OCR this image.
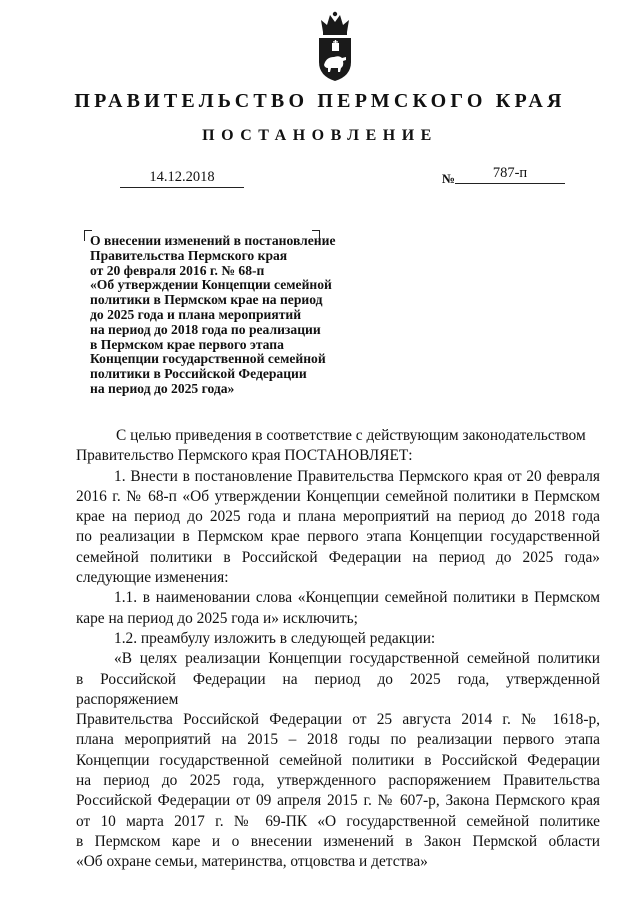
ПРАВИТЕЛЬСТВО ПЕРМСКОГО КРАЯ
ПОСТАНОВЛЕНИЕ
14.12.2018	№	787-п
О внесении изменений в постановление
Правительства Пермского края
от 20 февраля 2016 г. № 68-п
«Об утверждении Концепции семейной
политики в Пермском крае на период
до 2025 года и плана мероприятий
на период до 2018 года по реализации
в Пермском крае первого этапа
Концепции государственной семейной
политики в Российской Федерации
на период до 2025 года»
С целью приведения в соответствие с действующим законодательством
Правительство Пермского края ПОСТАНОВЛЯЕТ:
1. Внести в постановление Правительства Пермского края от 20 февраля
2016 г. № 68-п «Об утверждении Концепции семейной политики в Пермском
крае на период до 2025 года и плана мероприятий на период до 2018 года
по реализации в Пермском крае первого этапа Концепции государственной
семейной политики в Российской Федерации на период до 2025 года»
следующие изменения:
1.1. в наименовании слова «Концепции семейной политики в Пермском
каре на период до 2025 года и» исключить;
1.2. преамбулу изложить в следующей редакции:
«В целях реализации Концепции государственной семейной политики
в Российской Федерации на период до 2025 года, утвержденной распоряжением
Правительства Российской Федерации от 25 августа 2014 г. № 1618-р,
плана мероприятий на 2015 – 2018 годы по реализации первого этапа
Концепции государственной семейной политики в Российской Федерации
на период до 2025 года, утвержденного распоряжением Правительства
Российской Федерации от 09 апреля 2015 г. № 607-р, Закона Пермского края
от 10 марта 2017 г. № 69-ПК «О государственной семейной политике
в Пермском каре и о внесении изменений в Закон Пермской области
«Об охране семьи, материнства, отцовства и детства»
